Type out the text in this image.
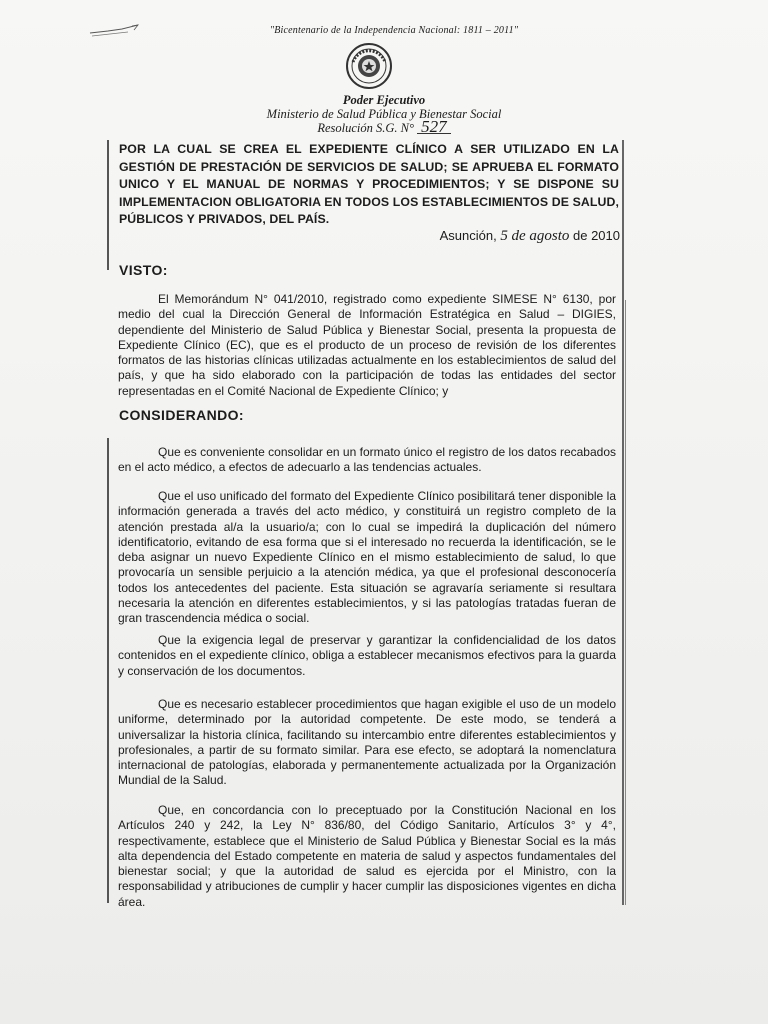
"Bicentenario de la Independencia Nacional: 1811 – 2011"
Poder Ejecutivo
Ministerio de Salud Pública y Bienestar Social
Resolución S.G. N° 527
POR LA CUAL SE CREA EL EXPEDIENTE CLÍNICO A SER UTILIZADO EN LA GESTIÓN DE PRESTACIÓN DE SERVICIOS DE SALUD; SE APRUEBA EL FORMATO UNICO Y EL MANUAL DE NORMAS Y PROCEDIMIENTOS; Y SE DISPONE SU IMPLEMENTACION OBLIGATORIA EN TODOS LOS ESTABLECIMIENTOS DE SALUD, PÚBLICOS Y PRIVADOS, DEL PAÍS.
Asunción, 5 de agosto de 2010
VISTO:
El Memorándum N° 041/2010, registrado como expediente SIMESE N° 6130, por medio del cual la Dirección General de Información Estratégica en Salud – DIGIES, dependiente del Ministerio de Salud Pública y Bienestar Social, presenta la propuesta de Expediente Clínico (EC), que es el producto de un proceso de revisión de los diferentes formatos de las historias clínicas utilizadas actualmente en los establecimientos de salud del país, y que ha sido elaborado con la participación de todas las entidades del sector representadas en el Comité Nacional de Expediente Clínico; y
CONSIDERANDO:
Que es conveniente consolidar en un formato único el registro de los datos recabados en el acto médico, a efectos de adecuarlo a las tendencias actuales.
Que el uso unificado del formato del Expediente Clínico posibilitará tener disponible la información generada a través del acto médico, y constituirá un registro completo de la atención prestada al/a la usuario/a; con lo cual se impedirá la duplicación del número identificatorio, evitando de esa forma que si el interesado no recuerda la identificación, se le deba asignar un nuevo Expediente Clínico en el mismo establecimiento de salud, lo que provocaría un sensible perjuicio a la atención médica, ya que el profesional desconocería todos los antecedentes del paciente. Esta situación se agravaría seriamente si resultara necesaria la atención en diferentes establecimientos, y si las patologías tratadas fueran de gran trascendencia médica o social.
Que la exigencia legal de preservar y garantizar la confidencialidad de los datos contenidos en el expediente clínico, obliga a establecer mecanismos efectivos para la guarda y conservación de los documentos.
Que es necesario establecer procedimientos que hagan exigible el uso de un modelo uniforme, determinado por la autoridad competente. De este modo, se tenderá a universalizar la historia clínica, facilitando su intercambio entre diferentes establecimientos y profesionales, a partir de su formato similar. Para ese efecto, se adoptará la nomenclatura internacional de patologías, elaborada y permanentemente actualizada por la Organización Mundial de la Salud.
Que, en concordancia con lo preceptuado por la Constitución Nacional en los Artículos 240 y 242, la Ley N° 836/80, del Código Sanitario, Artículos 3° y 4°, respectivamente, establece que el Ministerio de Salud Pública y Bienestar Social es la más alta dependencia del Estado competente en materia de salud y aspectos fundamentales del bienestar social; y que la autoridad de salud es ejercida por el Ministro, con la responsabilidad y atribuciones de cumplir y hacer cumplir las disposiciones vigentes en dicha área.
